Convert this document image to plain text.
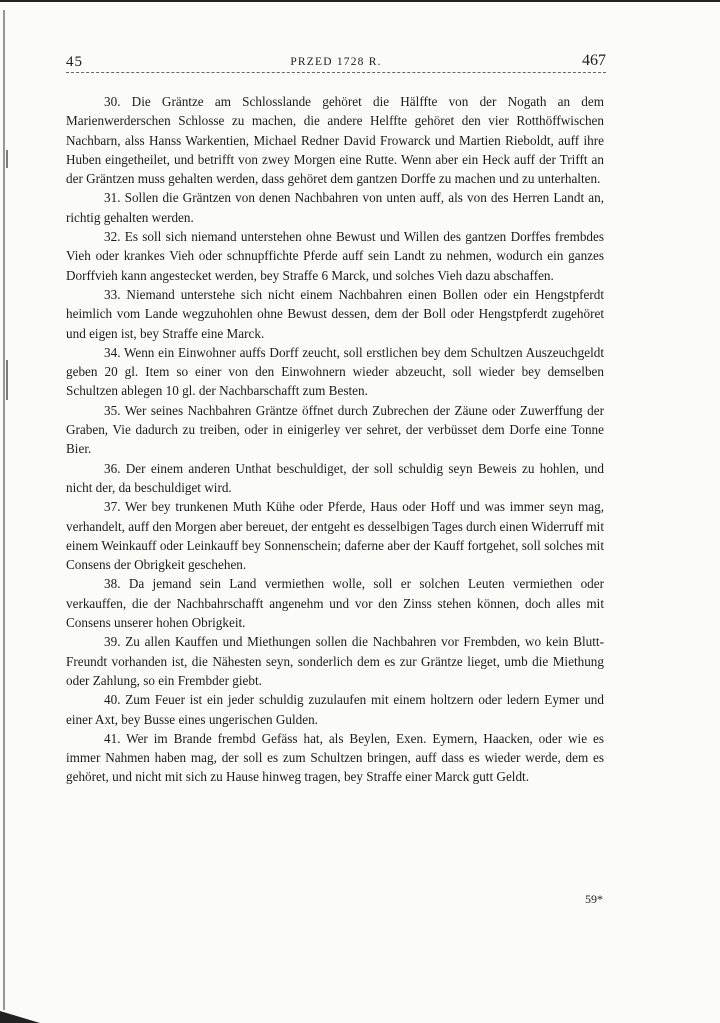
45	PRZED 1728 R.	467

30. Die Gräntze am Schlosslande gehöret die Hälffte von der Nogath an dem Marienwerderschen Schlosse zu machen, die andere Helffte gehöret den vier Rotthöffwischen Nachbarn, alss Hanss Warkentien, Michael Redner David Frowarck und Martien Rieboldt, auff ihre Huben eingetheilet, und betrifft von zwey Morgen eine Rutte. Wenn aber ein Heck auff der Trifft an der Gräntzen muss gehalten werden, dass gehöret dem gantzen Dorffe zu machen und zu unterhalten.

31. Sollen die Gräntzen von denen Nachbahren von unten auff, als von des Herren Landt an, richtig gehalten werden.

32. Es soll sich niemand unterstehen ohne Bewust und Willen des gantzen Dorffes frembdes Vieh oder krankes Vieh oder schnupffichte Pferde auff sein Landt zu nehmen, wodurch ein ganzes Dorffvieh kann angestecket werden, bey Straffe 6 Marck, und solches Vieh dazu abschaffen.

33. Niemand unterstehe sich nicht einem Nachbahren einen Bollen oder ein Hengstpferdt heimlich vom Lande wegzuhohlen ohne Bewust dessen, dem der Boll oder Hengstpferdt zugehöret und eigen ist, bey Straffe eine Marck.

34. Wenn ein Einwohner auffs Dorff zeucht, soll erstlichen bey dem Schultzen Auszeuchgeldt geben 20 gl. Item so einer von den Einwohnern wieder abzeucht, soll wieder bey demselben Schultzen ablegen 10 gl. der Nachbarschafft zum Besten.

35. Wer seines Nachbahren Gräntze öffnet durch Zubrechen der Zäune oder Zuwerffung der Graben, Vie dadurch zu treiben, oder in einigerley ver sehret, der verbüsset dem Dorfe eine Tonne Bier.

36. Der einem anderen Unthat beschuldiget, der soll schuldig seyn Beweis zu hohlen, und nicht der, da beschuldiget wird.

37. Wer bey trunkenen Muth Kühe oder Pferde, Haus oder Hoff und was immer seyn mag, verhandelt, auff den Morgen aber bereuet, der entgeht es desselbigen Tages durch einen Widerruff mit einem Weinkauff oder Leinkauff bey Sonnenschein; daferne aber der Kauff fortgehet, soll solches mit Consens der Obrigkeit geschehen.

38. Da jemand sein Land vermiethen wolle, soll er solchen Leuten vermiethen oder verkauffen, die der Nachbahrschafft angenehm und vor den Zinss stehen können, doch alles mit Consens unserer hohen Obrigkeit.

39. Zu allen Kauffen und Miethungen sollen die Nachbahren vor Frembden, wo kein Blutt-Freundt vorhanden ist, die Nähesten seyn, sonderlich dem es zur Gräntze lieget, umb die Miethung oder Zahlung, so ein Frembder giebt.

40. Zum Feuer ist ein jeder schuldig zuzulaufen mit einem holtzern oder ledern Eymer und einer Axt, bey Busse eines ungerischen Gulden.

41. Wer im Brande frembd Gefäss hat, als Beylen, Exen. Eymern, Haacken, oder wie es immer Nahmen haben mag, der soll es zum Schultzen bringen, auff dass es wieder werde, dem es gehöret, und nicht mit sich zu Hause hinweg tragen, bey Straffe einer Marck gutt Geldt.

59*
